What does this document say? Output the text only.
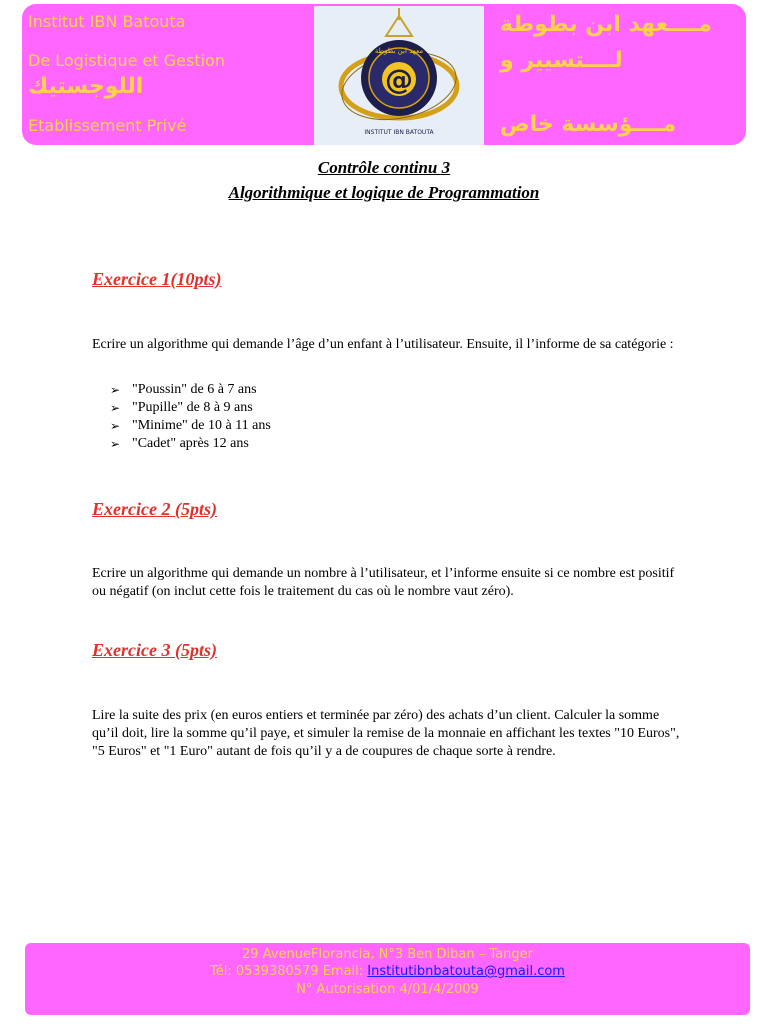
Institut IBN Batouta
De Logistique et Gestion
اللوجستيك
Etablissement Privé
@
معهد ابن بطوطة
INSTITUT IBN BATOUTA
مــــعهد ابن بطوطة
لــــتسيير و
مــــؤسسة خاص
Contrôle continu 3
Algorithmique et logique de Programmation
Exercice 1(10pts)
Ecrire un algorithme qui demande l’âge d’un enfant à l’utilisateur. Ensuite, il l’informe de sa catégorie :
➢ "Poussin" de 6 à 7 ans
➢ "Pupille" de 8 à 9 ans
➢ "Minime" de 10 à 11 ans
➢ "Cadet" après 12 ans
Exercice 2 (5pts)
Ecrire un algorithme qui demande un nombre à l’utilisateur, et l’informe ensuite si ce nombre est positif ou négatif (on inclut cette fois le traitement du cas où le nombre vaut zéro).
Exercice 3 (5pts)
Lire la suite des prix (en euros entiers et terminée par zéro) des achats d’un client. Calculer la somme qu’il doit, lire la somme qu’il paye, et simuler la remise de la monnaie en affichant les textes "10 Euros", "5 Euros" et "1 Euro" autant de fois qu’il y a de coupures de chaque sorte à rendre.
29 AvenueFlorancia, N°3 Ben Diban – Tanger
Tél: 0539380579 Email: Institutibnbatouta@gmail.com
N° Autorisation 4/01/4/2009
